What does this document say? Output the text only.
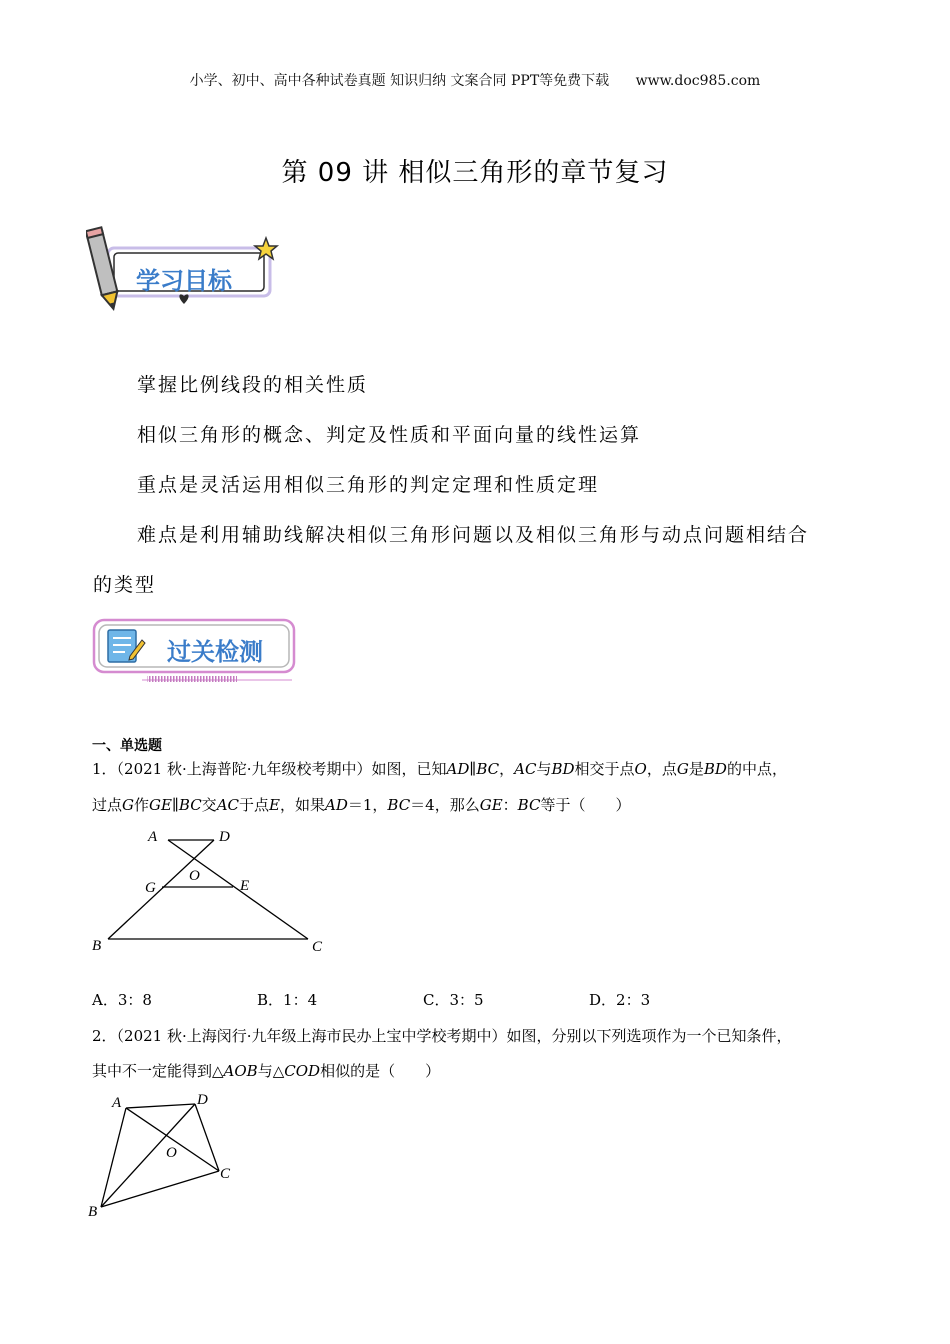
小学、初中、高中各种试卷真题 知识归纳 文案合同 PPT等免费下载 www.doc985.com
第 09 讲 相似三角形的章节复习
学习目标
掌握比例线段的相关性质
相似三角形的概念、判定及性质和平面向量的线性运算
重点是灵活运用相似三角形的判定定理和性质定理
难点是利用辅助线解决相似三角形问题以及相似三角形与动点问题相结合
的类型
过关检测
一、单选题
1．（2021 秋·上海普陀·九年级校考期中）如图，已知AD∥BC，AC与BD相交于点O，点G是BD的中点，
过点G作GE∥BC交AC于点E，如果AD＝1，BC＝4，那么GE：BC等于（　　）
A	D
O
G	E
B	C
A．3：8	B．1：4	C．3：5	D．2：3
2．（2021 秋·上海闵行·九年级上海市民办上宝中学校考期中）如图，分别以下列选项作为一个已知条件，
其中不一定能得到△AOB与△COD相似的是（　　）
A	D
O
C
B
